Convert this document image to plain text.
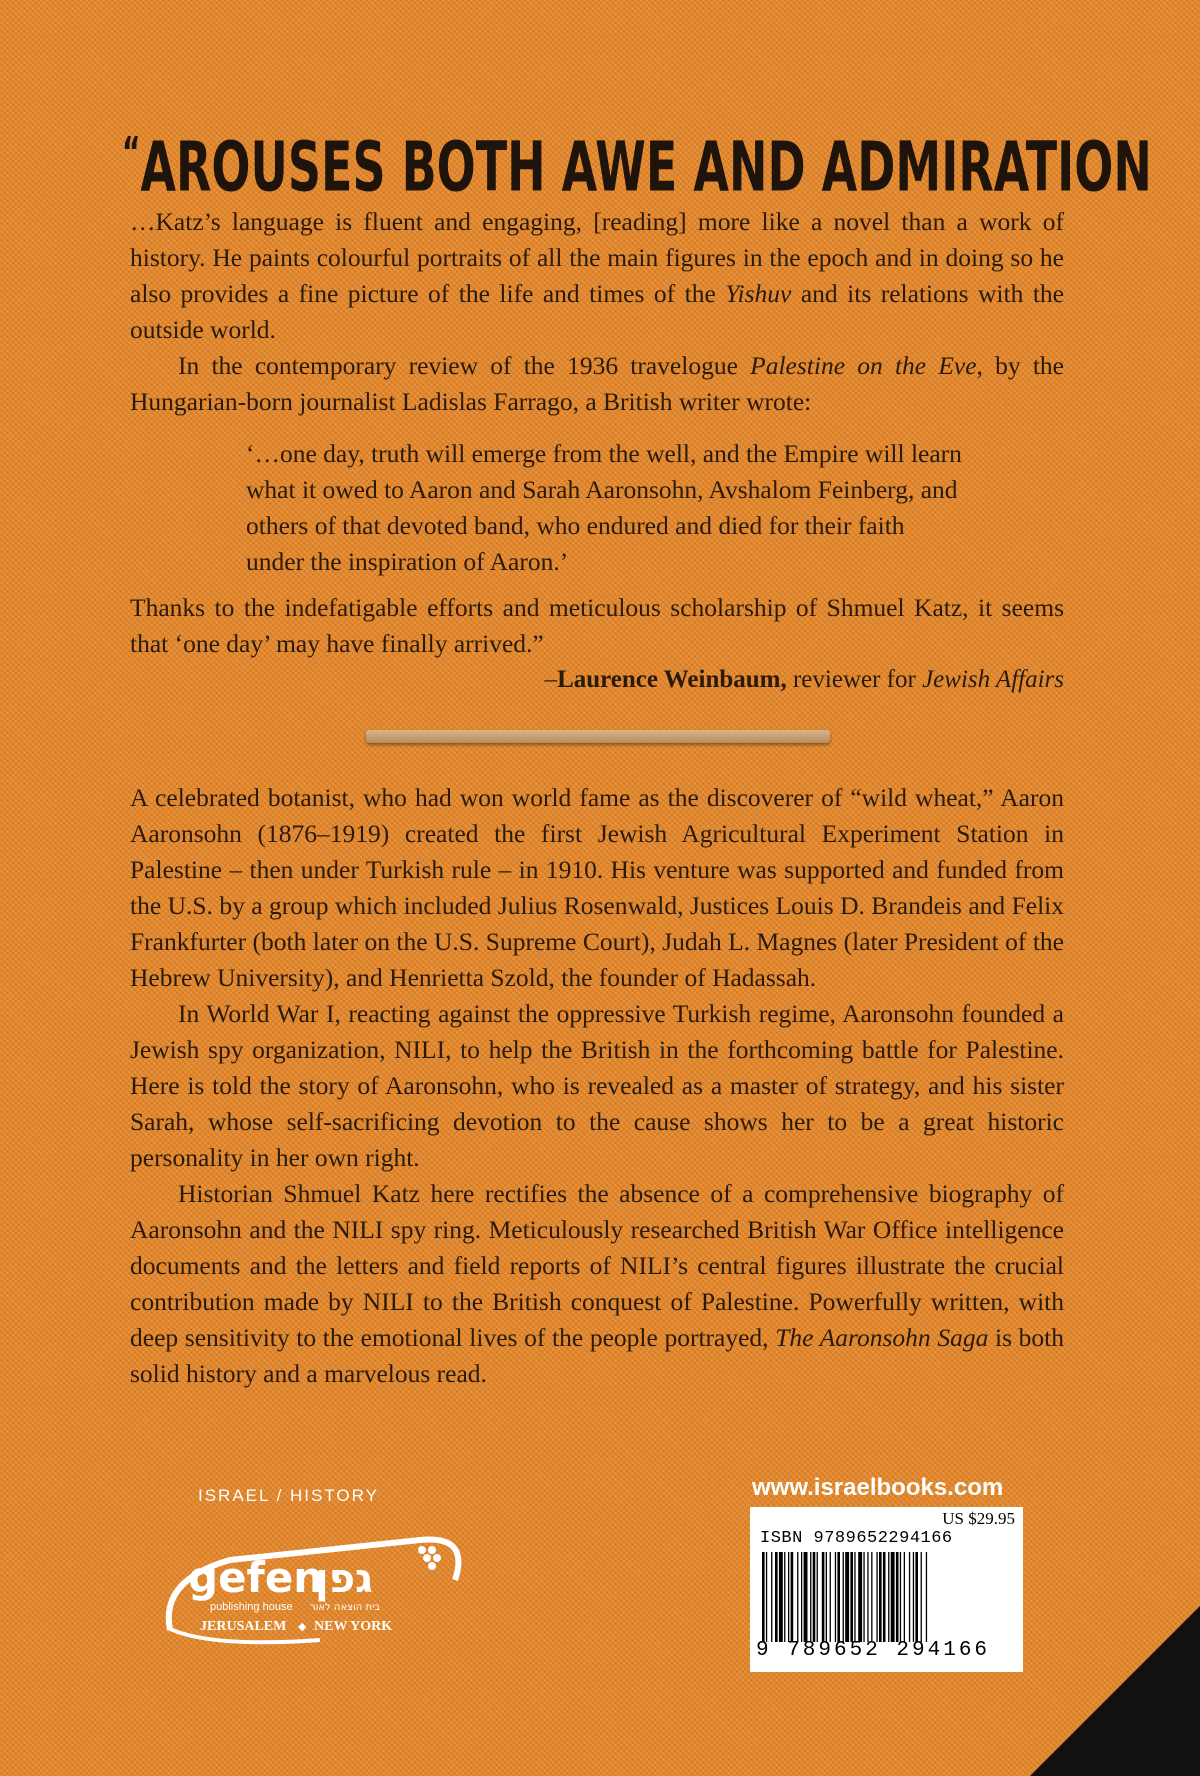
“AROUSES BOTH AWE AND ADMIRATION

…Katz’s language is fluent and engaging, [reading] more like a novel than a work of history. He paints colourful portraits of all the main figures in the epoch and in doing so he also provides a fine picture of the life and times of the Yishuv and its relations with the outside world.

In the contemporary review of the 1936 travelogue Palestine on the Eve, by the Hungarian-born journalist Ladislas Farrago, a British writer wrote:

‘…one day, truth will emerge from the well, and the Empire will learn what it owed to Aaron and Sarah Aaronsohn, Avshalom Feinberg, and others of that devoted band, who endured and died for their faith under the inspiration of Aaron.’

Thanks to the indefatigable efforts and meticulous scholarship of Shmuel Katz, it seems that ‘one day’ may have finally arrived.”

–Laurence Weinbaum, reviewer for Jewish Affairs

A celebrated botanist, who had won world fame as the discoverer of “wild wheat,” Aaron Aaronsohn (1876–1919) created the first Jewish Agricultural Experiment Station in Palestine – then under Turkish rule – in 1910. His venture was supported and funded from the U.S. by a group which included Julius Rosenwald, Justices Louis D. Brandeis and Felix Frankfurter (both later on the U.S. Supreme Court), Judah L. Magnes (later President of the Hebrew University), and Henrietta Szold, the founder of Hadassah.

In World War I, reacting against the oppressive Turkish regime, Aaronsohn founded a Jewish spy organization, NILI, to help the British in the forthcoming battle for Palestine. Here is told the story of Aaronsohn, who is revealed as a master of strategy, and his sister Sarah, whose self-sacrificing devotion to the cause shows her to be a great historic personality in her own right.

Historian Shmuel Katz here rectifies the absence of a comprehensive biography of Aaronsohn and the NILI spy ring. Meticulously researched British War Office intelligence documents and the letters and field reports of NILI’s central figures illustrate the crucial contribution made by NILI to the British conquest of Palestine. Powerfully written, with deep sensitivity to the emotional lives of the people portrayed, The Aaronsohn Saga is both solid history and a marvelous read.

ISRAEL / HISTORY
gefen
גפן
publishing house בית הוצאה לאור
JERUSALEM ◆ NEW YORK
www.israelbooks.com
US $29.95
ISBN 9789652294166
9 789652 294166
